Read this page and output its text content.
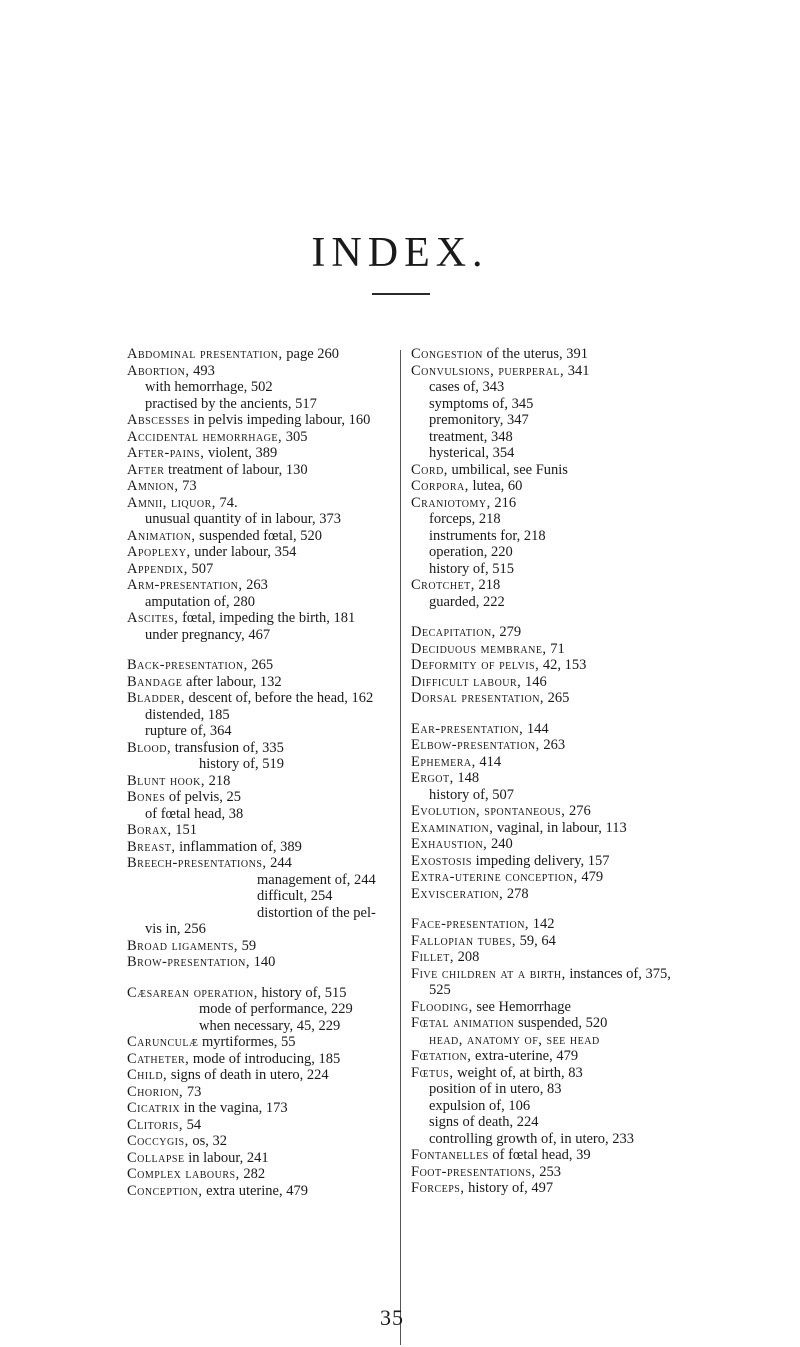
INDEX.
Abdominal presentation, page 260
Abortion, 493
with hemorrhage, 502
practised by the ancients, 517
Abscesses in pelvis impeding labour, 160
Accidental hemorrhage, 305
After-pains, violent, 389
After treatment of labour, 130
Amnion, 73
Amnii, liquor, 74.
unusual quantity of in labour, 373
Animation, suspended fœtal, 520
Apoplexy, under labour, 354
Appendix, 507
Arm-presentation, 263
amputation of, 280
Ascites, fœtal, impeding the birth, 181
under pregnancy, 467
Back-presentation, 265
Bandage after labour, 132
Bladder, descent of, before the head, 162
distended, 185
rupture of, 364
Blood, transfusion of, 335
history of, 519
Blunt hook, 218
Bones of pelvis, 25
of fœtal head, 38
Borax, 151
Breast, inflammation of, 389
Breech-presentations, 244
management of, 244
difficult, 254
distortion of the pel-
vis in, 256
Broad ligaments, 59
Brow-presentation, 140
Cæsarean operation, history of, 515
mode of performance, 229
when necessary, 45, 229
Carunculæ myrtiformes, 55
Catheter, mode of introducing, 185
Child, signs of death in utero, 224
Chorion, 73
Cicatrix in the vagina, 173
Clitoris, 54
Coccygis, os, 32
Collapse in labour, 241
Complex labours, 282
Conception, extra uterine, 479
Congestion of the uterus, 391
Convulsions, puerperal, 341
cases of, 343
symptoms of, 345
premonitory, 347
treatment, 348
hysterical, 354
Cord, umbilical, see Funis
Corpora, lutea, 60
Craniotomy, 216
forceps, 218
instruments for, 218
operation, 220
history of, 515
Crotchet, 218
guarded, 222
Decapitation, 279
Deciduous membrane, 71
Deformity of pelvis, 42, 153
Difficult labour, 146
Dorsal presentation, 265
Ear-presentation, 144
Elbow-presentation, 263
Ephemera, 414
Ergot, 148
history of, 507
Evolution, spontaneous, 276
Examination, vaginal, in labour, 113
Exhaustion, 240
Exostosis impeding delivery, 157
Extra-uterine conception, 479
Exvisceration, 278
Face-presentation, 142
Fallopian tubes, 59, 64
Fillet, 208
Five children at a birth, instances of, 375,
525
Flooding, see Hemorrhage
Fœtal animation suspended, 520
head, anatomy of, see head
Fœtation, extra-uterine, 479
Fœtus, weight of, at birth, 83
position of in utero, 83
expulsion of, 106
signs of death, 224
controlling growth of, in utero, 233
Fontanelles of fœtal head, 39
Foot-presentations, 253
Forceps, history of, 497
35
